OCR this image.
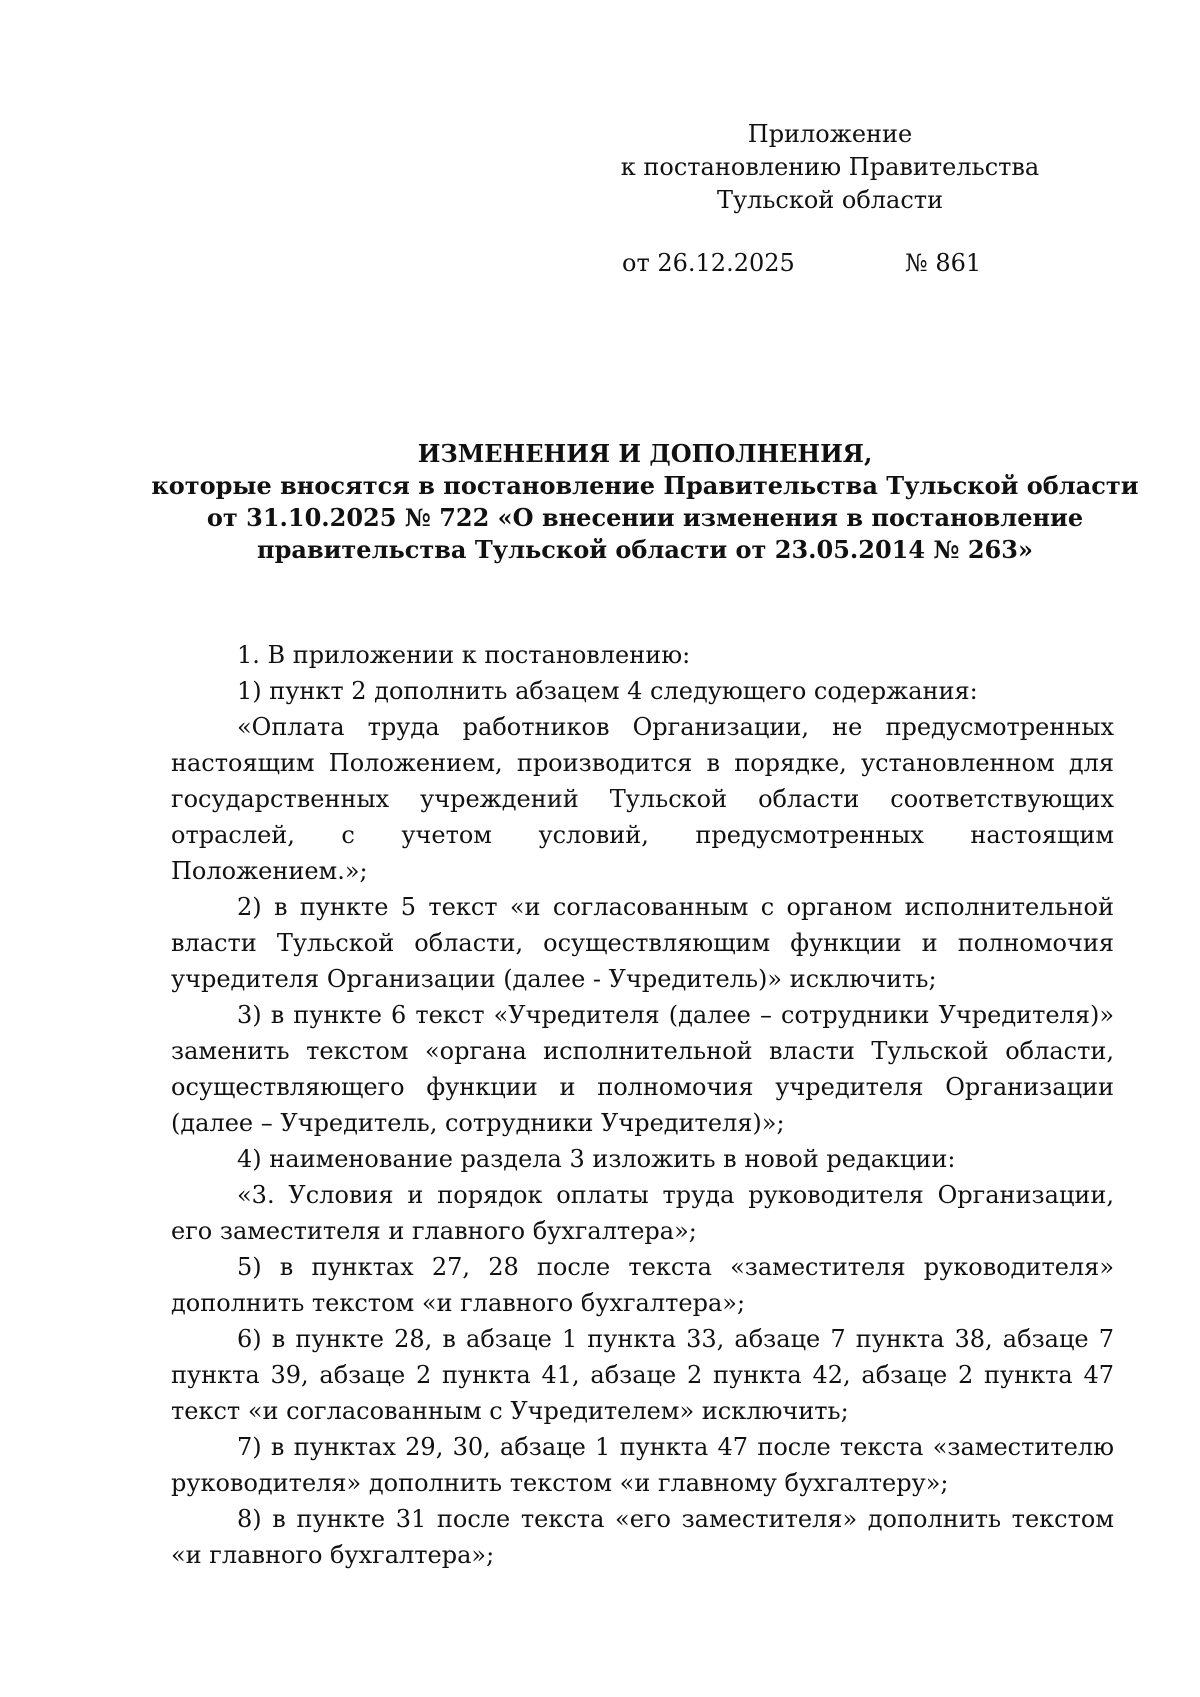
Приложение
к постановлению Правительства
Тульской области
от 26.12.2025	№ 861
ИЗМЕНЕНИЯ И ДОПОЛНЕНИЯ,
которые вносятся в постановление Правительства Тульской области
от 31.10.2025 № 722 «О внесении изменения в постановление
правительства Тульской области от 23.05.2014 № 263»

1. В приложении к постановлению:

1) пункт 2 дополнить абзацем 4 следующего содержания:

«Оплата труда работников Организации, не предусмотренных настоящим Положением, производится в порядке, установленном для государственных учреждений Тульской области соответствующих отраслей, с учетом условий, предусмотренных настоящим Положением.»;

2) в пункте 5 текст «и согласованным с органом исполнительной власти Тульской области, осуществляющим функции и полномочия учредителя Организации (далее - Учредитель)» исключить;

3) в пункте 6 текст «Учредителя (далее – сотрудники Учредителя)» заменить текстом «органа исполнительной власти Тульской области, осуществляющего функции и полномочия учредителя Организации (далее – Учредитель, сотрудники Учредителя)»;

4) наименование раздела 3 изложить в новой редакции:

«3. Условия и порядок оплаты труда руководителя Организации, его заместителя и главного бухгалтера»;

5) в пунктах 27, 28 после текста «заместителя руководителя» дополнить текстом «и главного бухгалтера»;

6) в пункте 28, в абзаце 1 пункта 33, абзаце 7 пункта 38, абзаце 7 пункта 39, абзаце 2 пункта 41, абзаце 2 пункта 42, абзаце 2 пункта 47 текст «и согласованным с Учредителем» исключить;

7) в пунктах 29, 30, абзаце 1 пункта 47 после текста «заместителю руководителя» дополнить текстом «и главному бухгалтеру»;

8) в пункте 31 после текста «его заместителя» дополнить текстом «и главного бухгалтера»;
